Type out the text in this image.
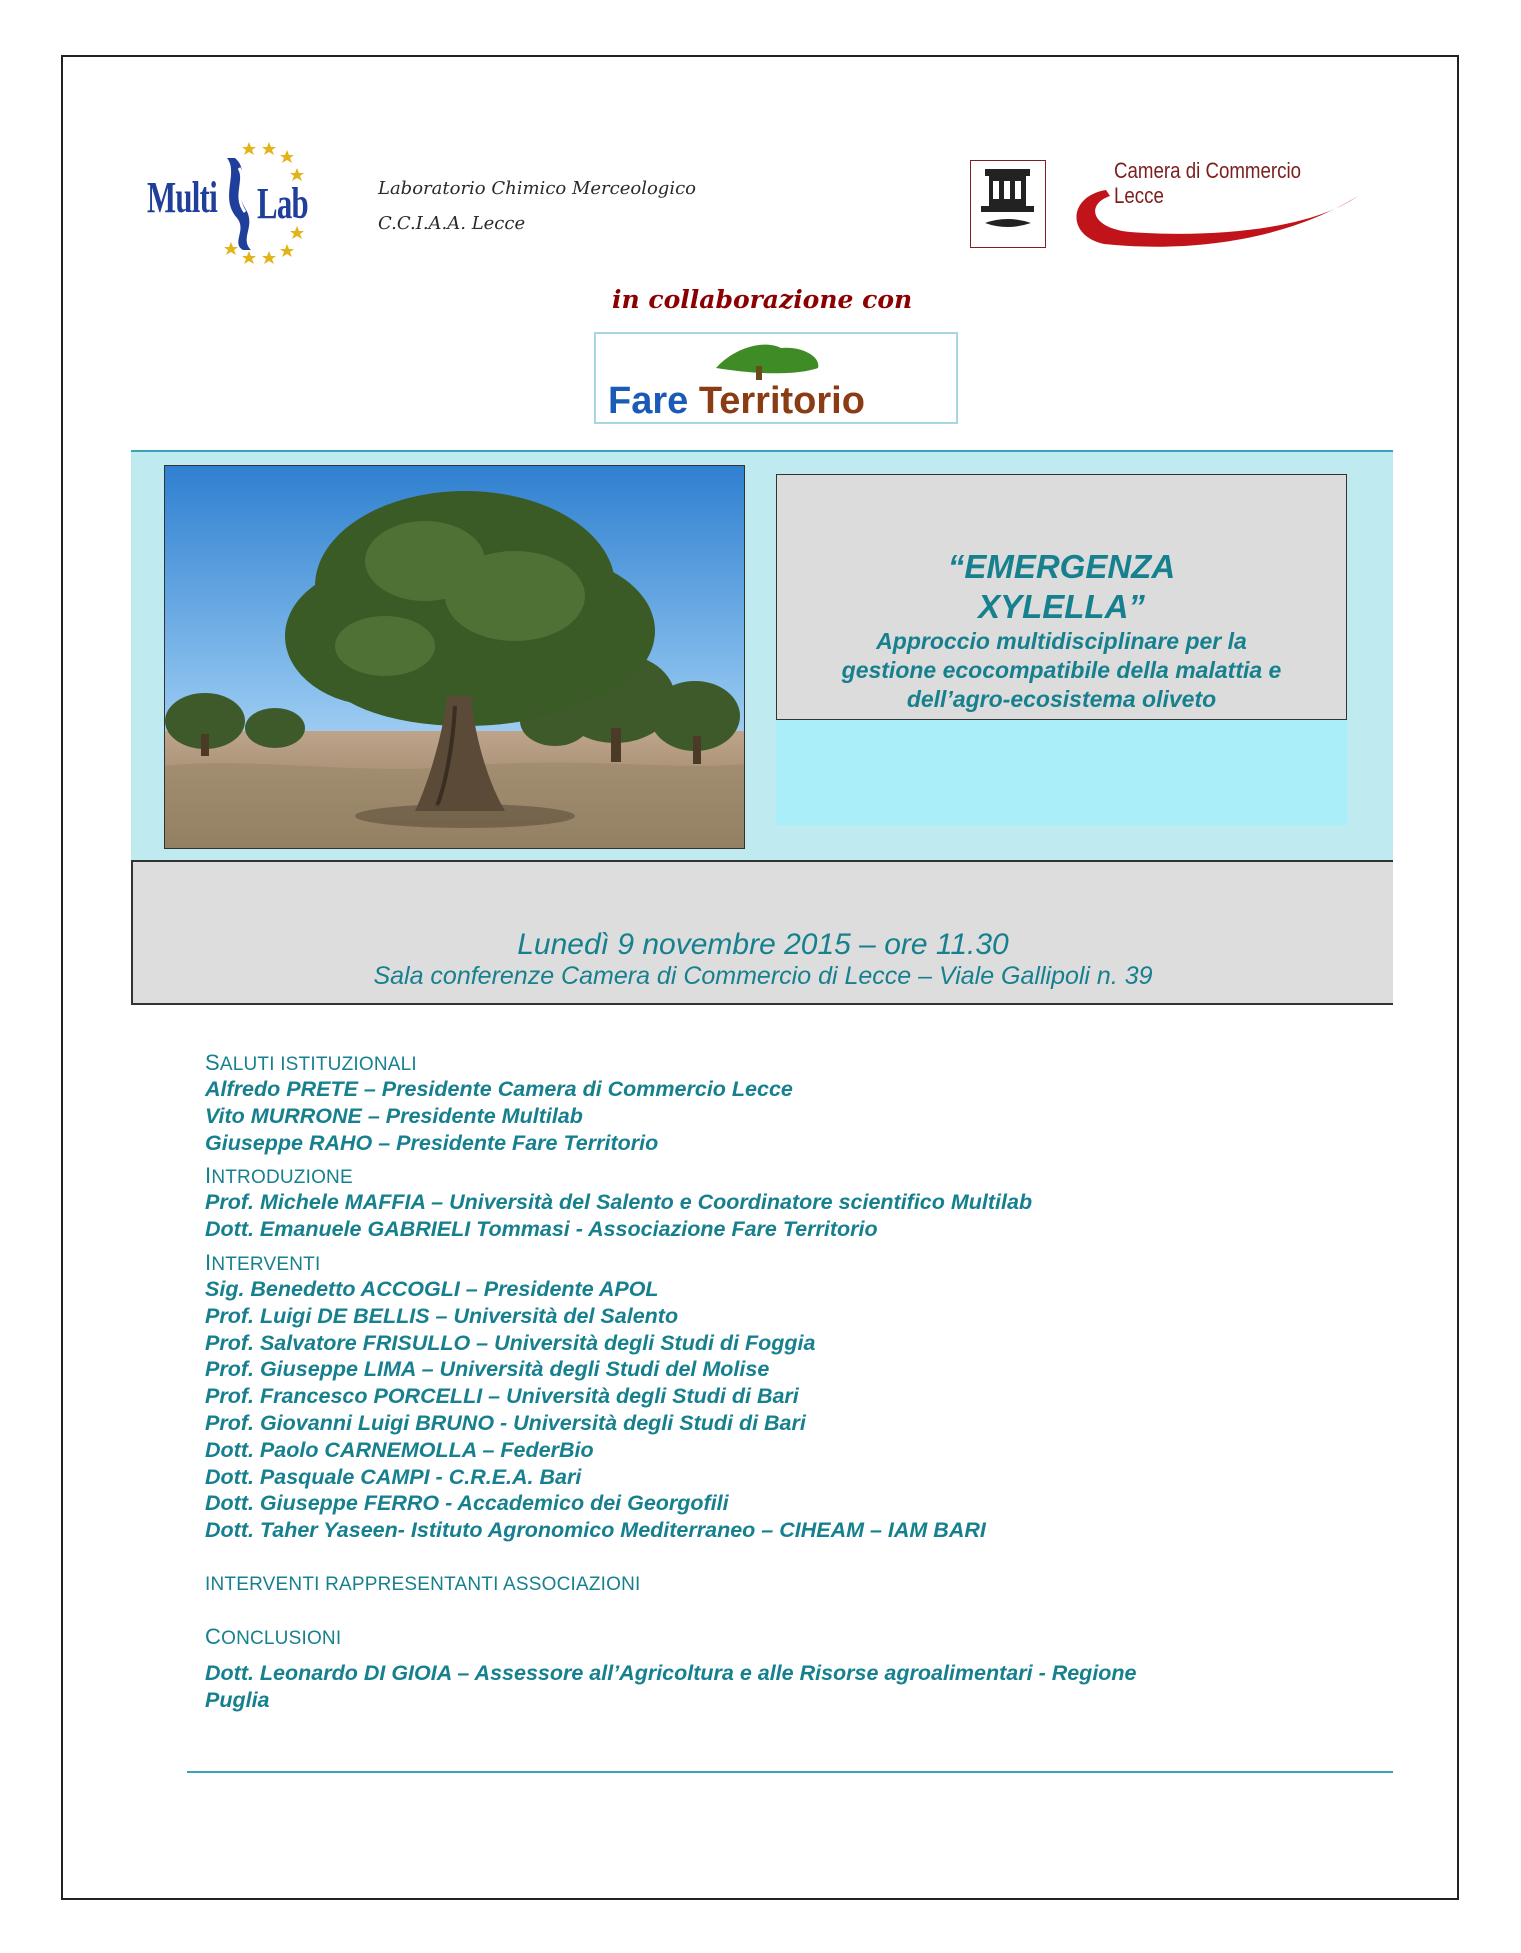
Multi Lab	Laboratorio Chimico Merceologico
C.C.I.A.A. Lecce
Camera di Commercio
Lecce
in collaborazione con
Fare Territorio
“EMERGENZA
XYLELLA”
Approccio multidisciplinare per la
gestione ecocompatibile della malattia e
dell’agro-ecosistema oliveto
Lunedì 9 novembre 2015 – ore 11.30
Sala conferenze Camera di Commercio di Lecce – Viale Gallipoli n. 39
SALUTI ISTITUZIONALI
Alfredo PRETE – Presidente Camera di Commercio Lecce
Vito MURRONE – Presidente Multilab
Giuseppe RAHO – Presidente Fare Territorio
INTRODUZIONE
Prof. Michele MAFFIA – Università del Salento e Coordinatore scientifico Multilab
Dott. Emanuele GABRIELI Tommasi - Associazione Fare Territorio
INTERVENTI
Sig. Benedetto ACCOGLI – Presidente APOL
Prof. Luigi DE BELLIS – Università del Salento
Prof. Salvatore FRISULLO – Università degli Studi di Foggia
Prof. Giuseppe LIMA – Università degli Studi del Molise
Prof. Francesco PORCELLI – Università degli Studi di Bari
Prof. Giovanni Luigi BRUNO - Università degli Studi di Bari
Dott. Paolo CARNEMOLLA – FederBio
Dott. Pasquale CAMPI - C.R.E.A. Bari
Dott. Giuseppe FERRO - Accademico dei Georgofili
Dott. Taher Yaseen- Istituto Agronomico Mediterraneo – CIHEAM – IAM BARI
INTERVENTI RAPPRESENTANTI ASSOCIAZIONI
CONCLUSIONI
Dott. Leonardo DI GIOIA – Assessore all’Agricoltura e alle Risorse agroalimentari - Regione
Puglia
